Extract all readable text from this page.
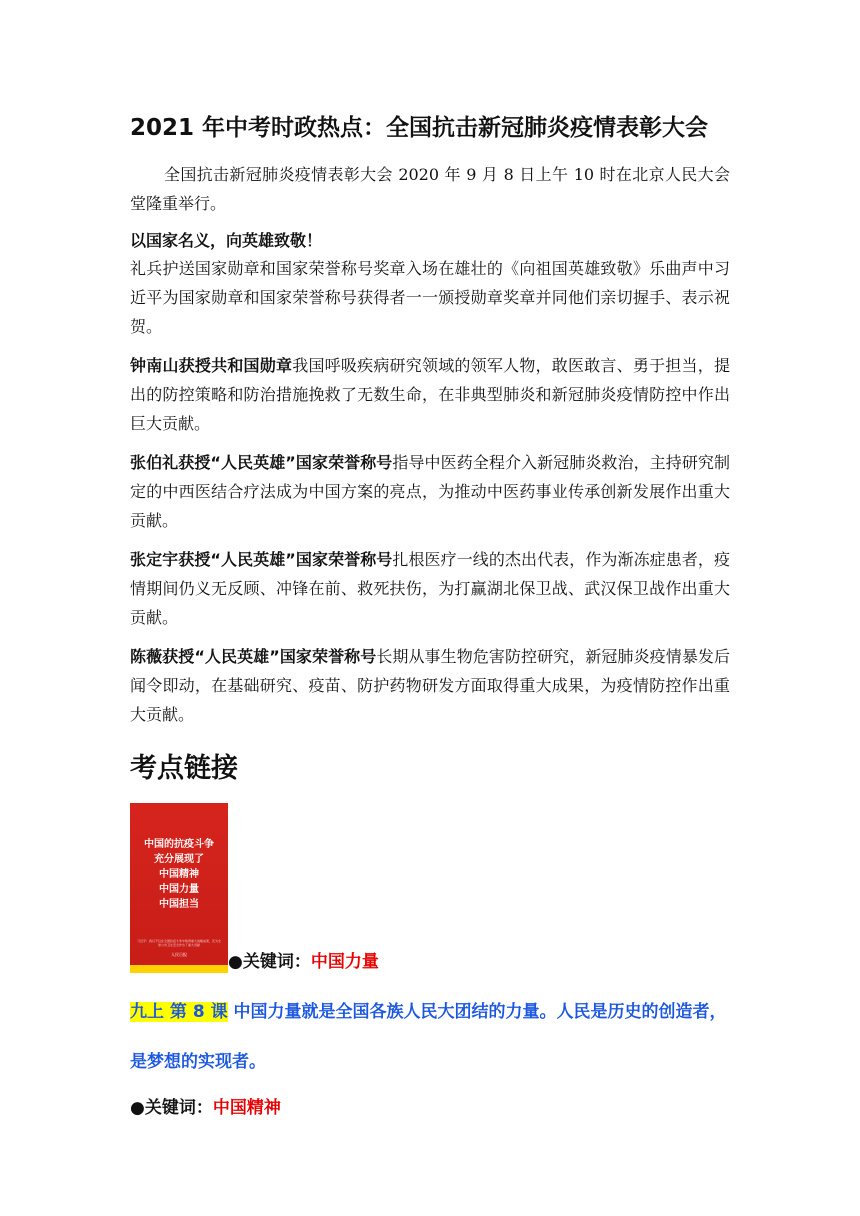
2021 年中考时政热点：全国抗击新冠肺炎疫情表彰大会

全国抗击新冠肺炎疫情表彰大会 2020 年 9 月 8 日上午 10 时在北京人民大会堂隆重举行。

以国家名义，向英雄致敬！

礼兵护送国家勋章和国家荣誉称号奖章入场在雄壮的《向祖国英雄致敬》乐曲声中习近平为国家勋章和国家荣誉称号获得者一一颁授勋章奖章并同他们亲切握手、表示祝贺。

钟南山获授共和国勋章我国呼吸疾病研究领域的领军人物，敢医敢言、勇于担当，提出的防控策略和防治措施挽救了无数生命，在非典型肺炎和新冠肺炎疫情防控中作出巨大贡献。

张伯礼获授“人民英雄”国家荣誉称号指导中医药全程介入新冠肺炎救治，主持研究制定的中西医结合疗法成为中国方案的亮点，为推动中医药事业传承创新发展作出重大贡献。

张定宇获授“人民英雄”国家荣誉称号扎根医疗一线的杰出代表，作为渐冻症患者，疫情期间仍义无反顾、冲锋在前、救死扶伤，为打赢湖北保卫战、武汉保卫战作出重大贡献。

陈薇获授“人民英雄”国家荣誉称号长期从事生物危害防控研究，新冠肺炎疫情暴发后闻令即动，在基础研究、疫苗、防护药物研发方面取得重大成果，为疫情防控作出重大贡献。

考点链接
中国的抗疫斗争
充分展现了
中国精神
中国力量
中国担当
习近平：我们不仅在全国抗疫斗争中取得重大战略成果，还为全球公共卫生安全作出了重大贡献
人民日报	●关键词：中国力量

九上 第 8 课 中国力量就是全国各族人民大团结的力量。人民是历史的创造者，是梦想的实现者。

●关键词：中国精神
